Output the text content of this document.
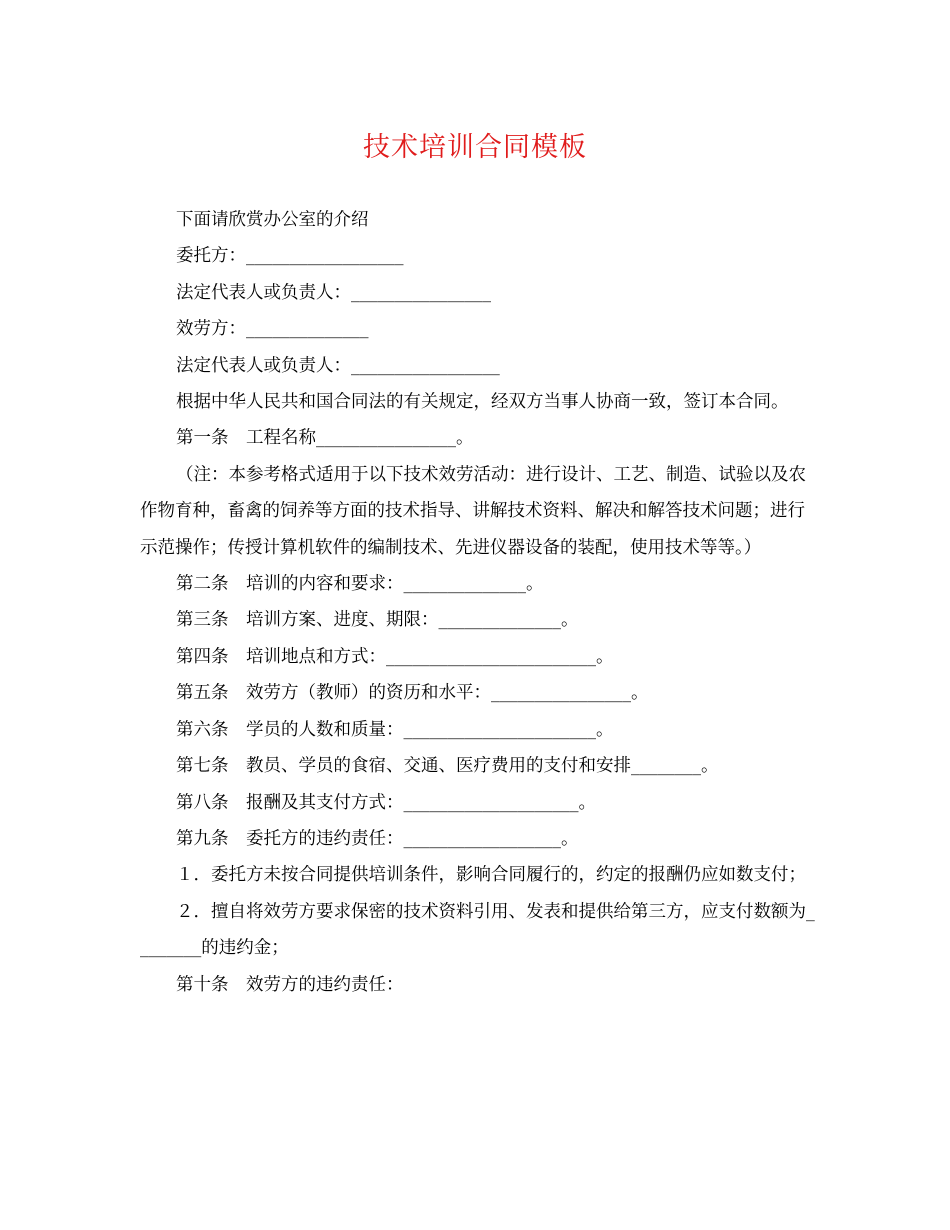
技术培训合同模板

下面请欣赏办公室的介绍

委托方：__________________

法定代表人或负责人：________________

效劳方：______________

法定代表人或负责人：_________________

根据中华人民共和国合同法的有关规定，经双方当事人协商一致，签订本合同。

第一条　工程名称________________。

（注：本参考格式适用于以下技术效劳活动：进行设计、工艺、制造、试验以及农作物育种，畜禽的饲养等方面的技术指导、讲解技术资料、解决和解答技术问题；进行示范操作；传授计算机软件的编制技术、先进仪器设备的装配，使用技术等等。）

第二条　培训的内容和要求：______________。

第三条　培训方案、进度、期限：______________。

第四条　培训地点和方式：________________________。

第五条　效劳方（教师）的资历和水平：________________。

第六条　学员的人数和质量：______________________。

第七条　教员、学员的食宿、交通、医疗费用的支付和安排________。

第八条　报酬及其支付方式：____________________。

第九条　委托方的违约责任：__________________。

１．委托方未按合同提供培训条件，影响合同履行的，约定的报酬仍应如数支付；

２．擅自将效劳方要求保密的技术资料引用、发表和提供给第三方，应支付数额为________的违约金；

第十条　效劳方的违约责任：
